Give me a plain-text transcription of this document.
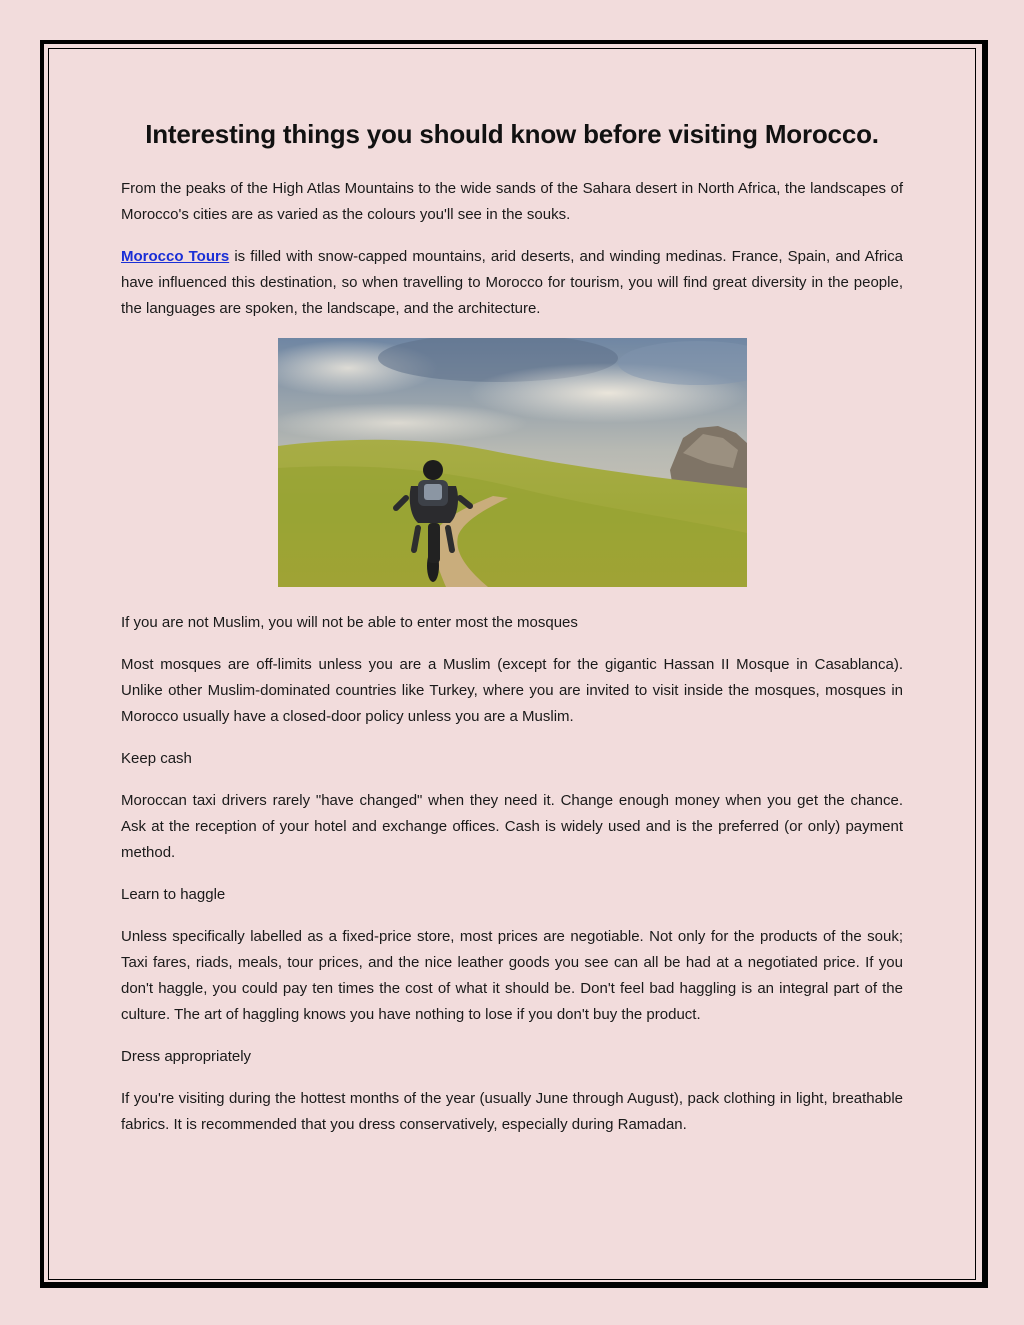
Interesting things you should know before visiting Morocco.

From the peaks of the High Atlas Mountains to the wide sands of the Sahara desert in North Africa, the landscapes of Morocco's cities are as varied as the colours you'll see in the souks.

Morocco Tours is filled with snow-capped mountains, arid deserts, and winding medinas. France, Spain, and Africa have influenced this destination, so when travelling to Morocco for tourism, you will find great diversity in the people, the languages are spoken, the landscape, and the architecture.

If you are not Muslim, you will not be able to enter most the mosques

Most mosques are off-limits unless you are a Muslim (except for the gigantic Hassan II Mosque in Casablanca). Unlike other Muslim-dominated countries like Turkey, where you are invited to visit inside the mosques, mosques in Morocco usually have a closed-door policy unless you are a Muslim.

Keep cash

Moroccan taxi drivers rarely "have changed" when they need it. Change enough money when you get the chance. Ask at the reception of your hotel and exchange offices. Cash is widely used and is the preferred (or only) payment method.

Learn to haggle

Unless specifically labelled as a fixed-price store, most prices are negotiable. Not only for the products of the souk; Taxi fares, riads, meals, tour prices, and the nice leather goods you see can all be had at a negotiated price. If you don't haggle, you could pay ten times the cost of what it should be. Don't feel bad haggling is an integral part of the culture. The art of haggling knows you have nothing to lose if you don't buy the product.

Dress appropriately

If you're visiting during the hottest months of the year (usually June through August), pack clothing in light, breathable fabrics. It is recommended that you dress conservatively, especially during Ramadan.
